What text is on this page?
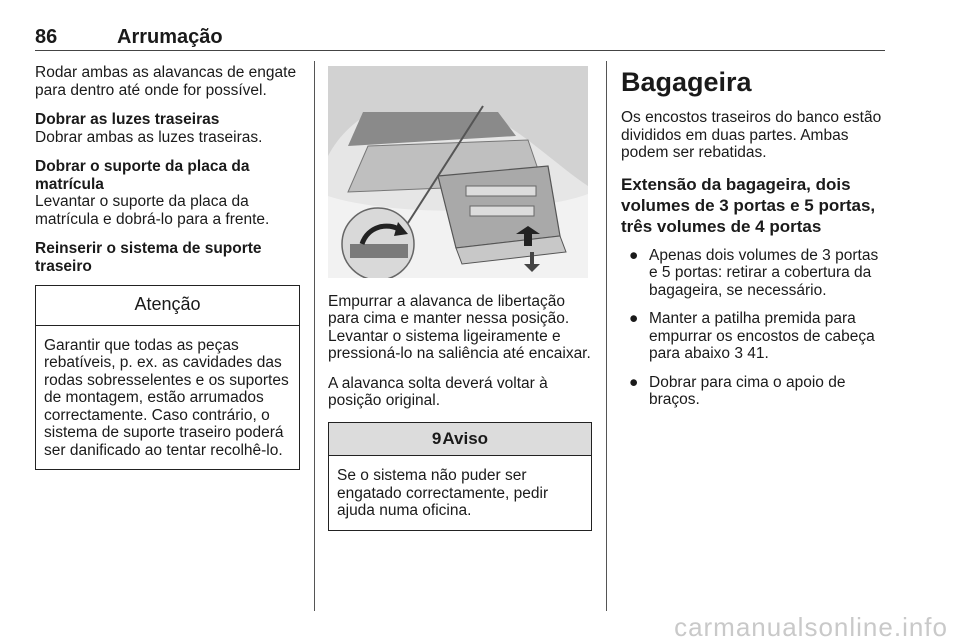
86	Arrumação

Rodar ambas as alavancas de engate para dentro até onde for possível.

Dobrar as luzes traseiras

Dobrar ambas as luzes traseiras.

Dobrar o suporte da placa da matrícula

Levantar o suporte da placa da matrícula e dobrá-lo para a frente.

Reinserir o sistema de suporte traseiro

Atenção
Garantir que todas as peças rebatíveis, p. ex. as cavidades das rodas sobresselentes e os suportes de montagem, estão arrumados correctamente. Caso contrário, o sistema de suporte traseiro poderá ser danificado ao tentar recolhê-lo.

Empurrar a alavanca de libertação para cima e manter nessa posição. Levantar o sistema ligeiramente e pressioná-lo na saliência até encaixar.

A alavanca solta deverá voltar à posição original.

9Aviso
Se o sistema não puder ser engatado correctamente, pedir ajuda numa oficina.
Bagageira

Os encostos traseiros do banco estão divididos em duas partes. Ambas podem ser rebatidas.

Extensão da bagageira, dois volumes de 3 portas e 5 portas, três volumes de 4 portas
● Apenas dois volumes de 3 portas e 5 portas: retirar a cobertura da bagageira, se necessário.
● Manter a patilha premida para empurrar os encostos de cabeça para abaixo 3 41.
● Dobrar para cima o apoio de braços.
carmanualsonline.info
